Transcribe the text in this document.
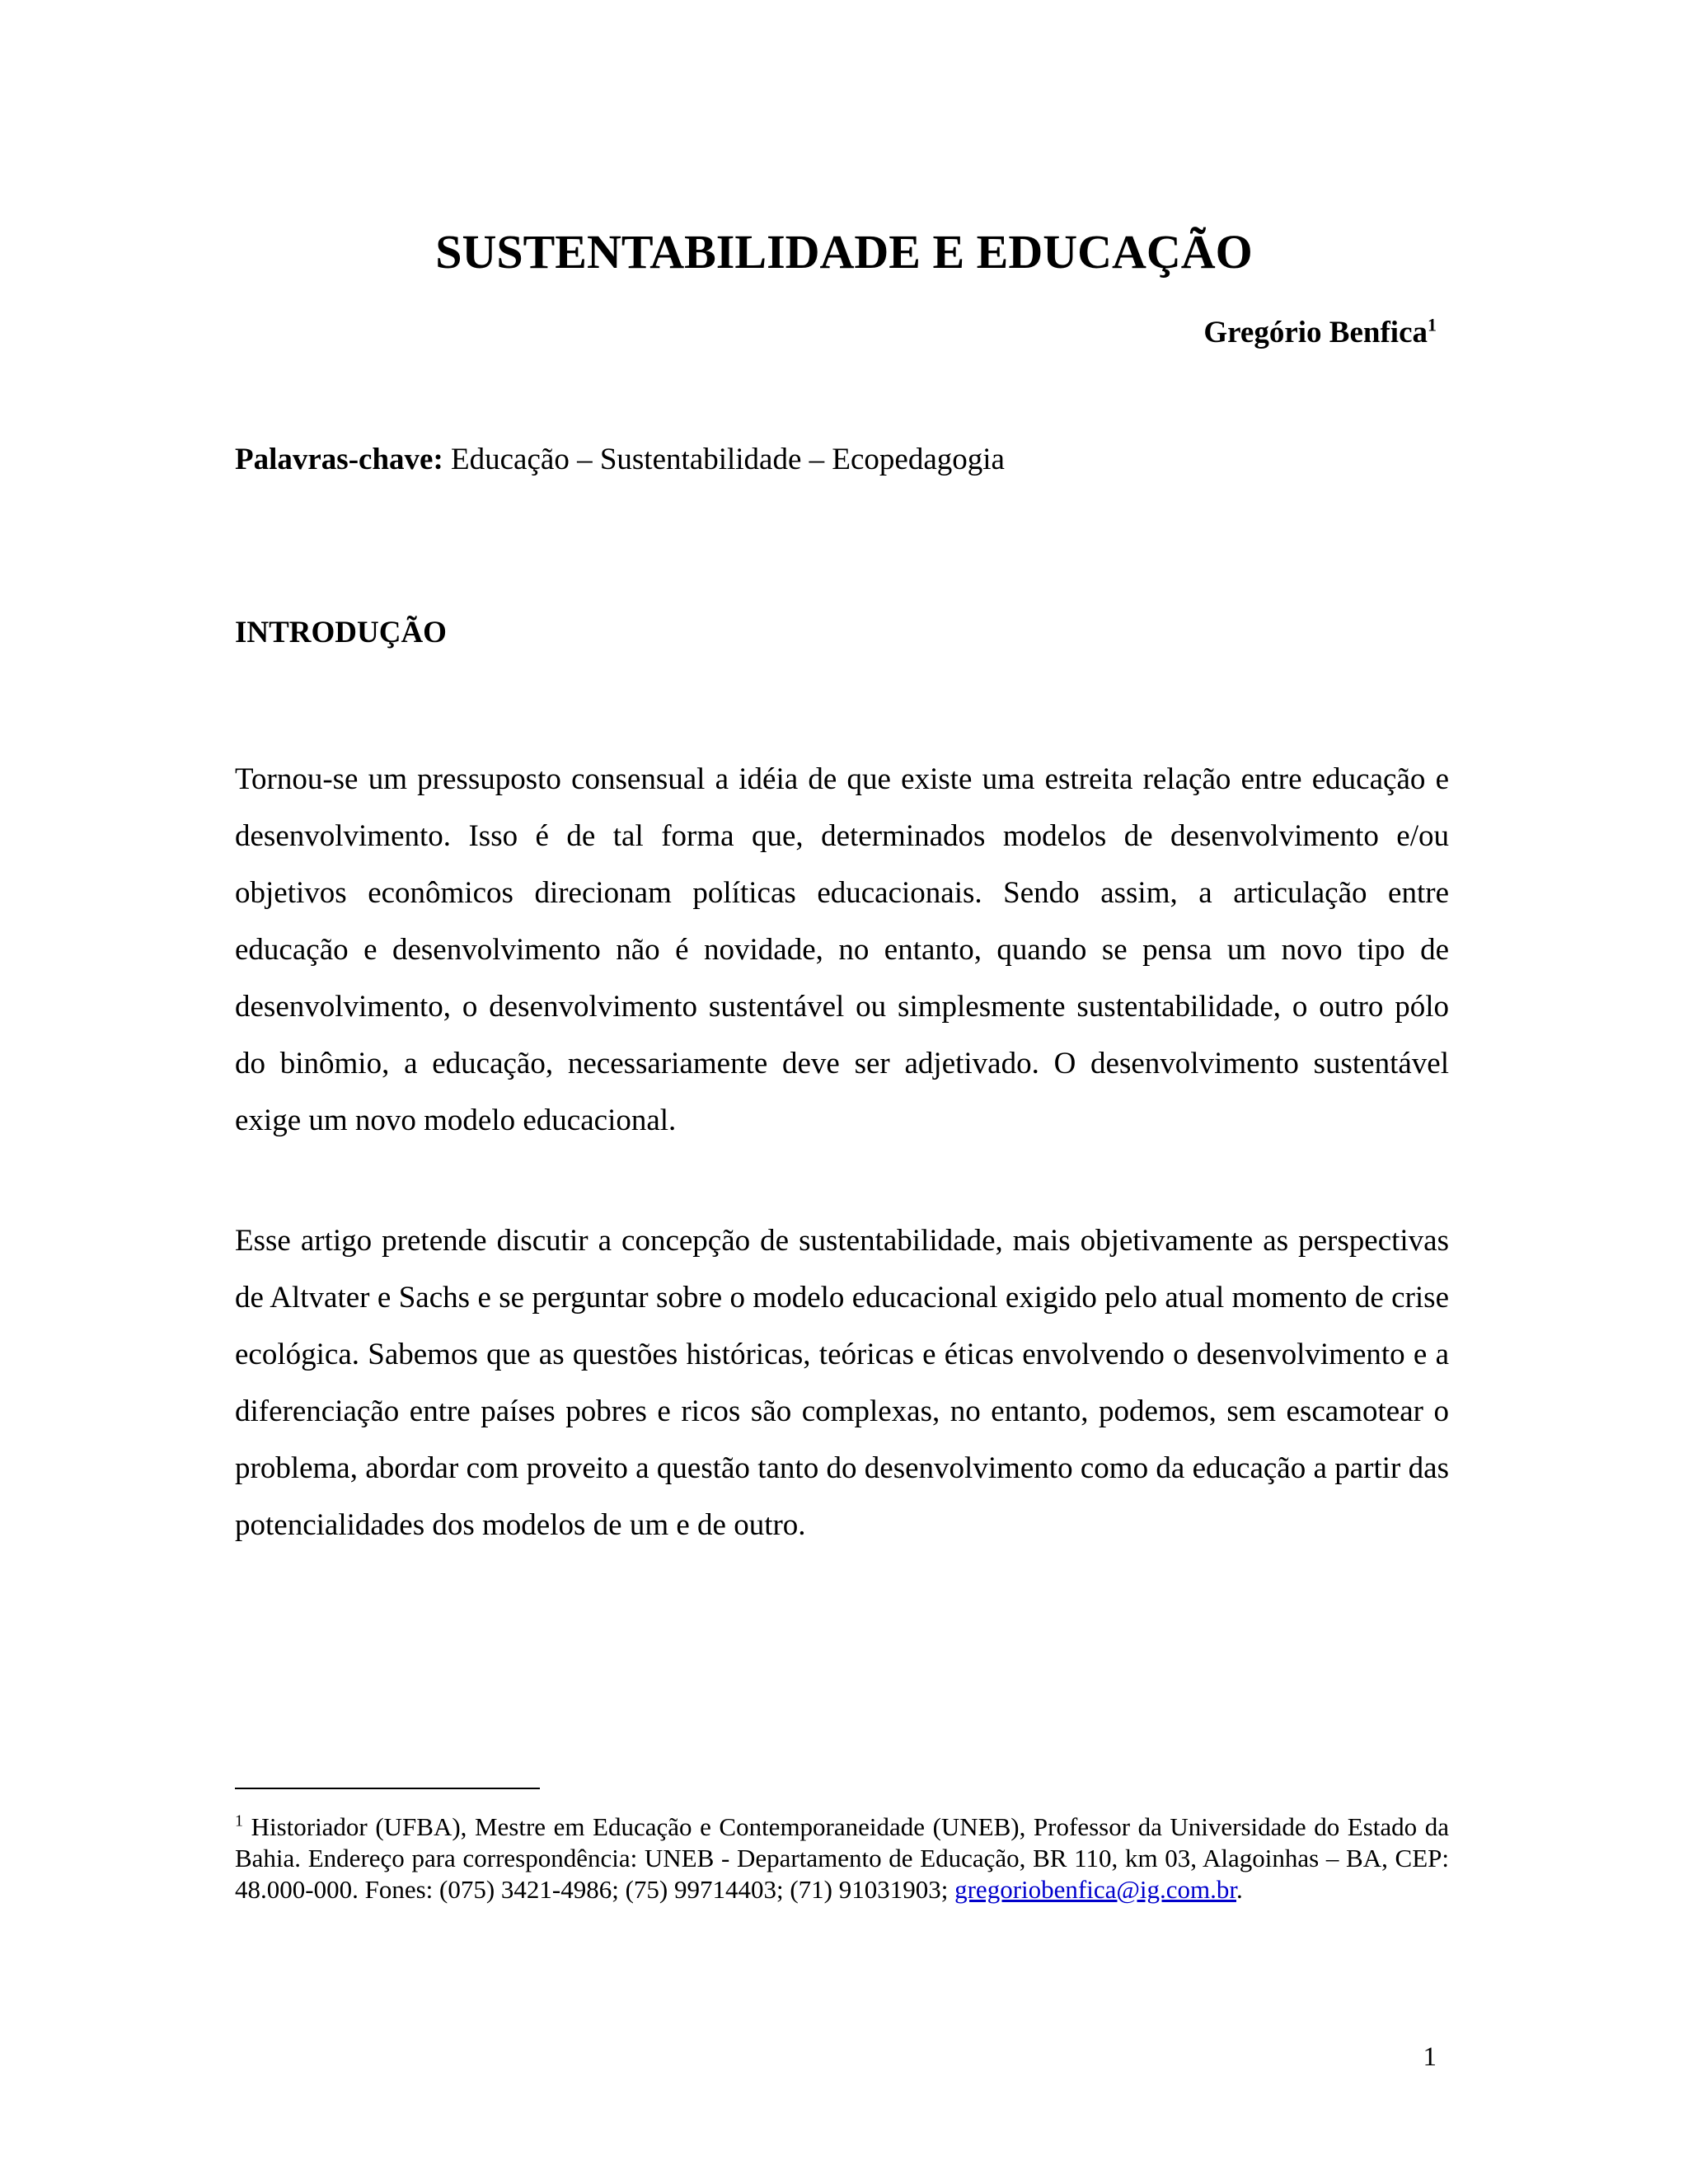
SUSTENTABILIDADE E EDUCAÇÃO
Gregório Benfica$^1$
Palavras-chave: Educação – Sustentabilidade – Ecopedagogia
INTRODUÇÃO

Tornou-se um pressuposto consensual a idéia de que existe uma estreita relação entre educação e desenvolvimento. Isso é de tal forma que, determinados modelos de desenvolvimento e/ou objetivos econômicos direcionam políticas educacionais. Sendo assim, a articulação entre educação e desenvolvimento não é novidade, no entanto, quando se pensa um novo tipo de desenvolvimento, o desenvolvimento sustentável ou simplesmente sustentabilidade, o outro pólo do binômio, a educação, necessariamente deve ser adjetivado. O desenvolvimento sustentável exige um novo modelo educacional.

Esse artigo pretende discutir a concepção de sustentabilidade, mais objetivamente as perspectivas de Altvater e Sachs e se perguntar sobre o modelo educacional exigido pelo atual momento de crise ecológica. Sabemos que as questões históricas, teóricas e éticas envolvendo o desenvolvimento e a diferenciação entre países pobres e ricos são complexas, no entanto, podemos, sem escamotear o problema, abordar com proveito a questão tanto do desenvolvimento como da educação a partir das potencialidades dos modelos de um e de outro.

$^1$ Historiador (UFBA), Mestre em Educação e Contemporaneidade (UNEB), Professor da Universidade do Estado da Bahia. Endereço para correspondência: UNEB - Departamento de Educação, BR 110, km 03, Alagoinhas – BA, CEP: 48.000-000. Fones: (075) 3421-4986; (75) 99714403; (71) 91031903; gregoriobenfica@ig.com.br.
1
